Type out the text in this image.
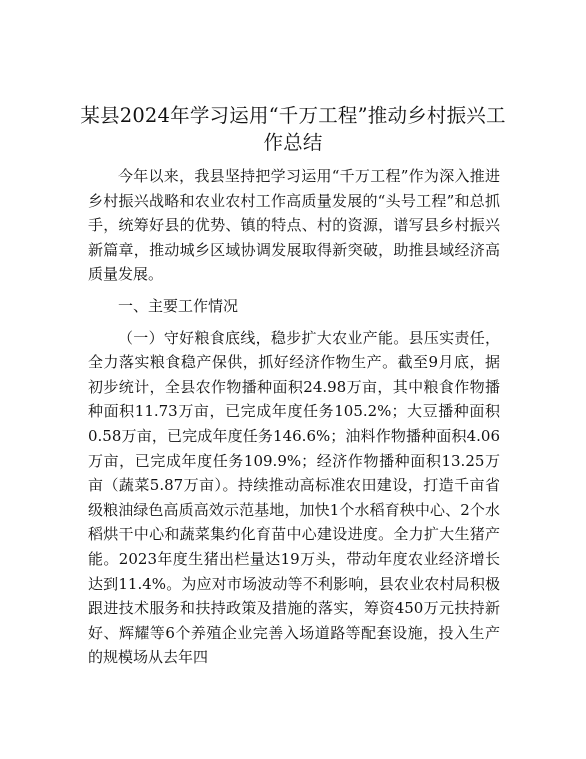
某县2024年学习运用“千万工程”推动乡村振兴工作总结

今年以来，我县坚持把学习运用“千万工程”作为深入推进乡村振兴战略和农业农村工作高质量发展的“头号工程”和总抓手，统筹好县的优势、镇的特点、村的资源，谱写县乡村振兴新篇章，推动城乡区域协调发展取得新突破，助推县域经济高质量发展。

一、主要工作情况

（一）守好粮食底线，稳步扩大农业产能。县压实责任，全力落实粮食稳产保供，抓好经济作物生产。截至9月底，据初步统计，全县农作物播种面积24.98万亩，其中粮食作物播种面积11.73万亩，已完成年度任务105.2%；大豆播种面积0.58万亩，已完成年度任务146.6%；油料作物播种面积4.06万亩，已完成年度任务109.9%；经济作物播种面积13.25万亩（蔬菜5.87万亩）。持续推动高标准农田建设，打造千亩省级粮油绿色高质高效示范基地，加快1个水稻育秧中心、2个水稻烘干中心和蔬菜集约化育苗中心建设进度。全力扩大生猪产能。2023年度生猪出栏量达19万头，带动年度农业经济增长达到11.4%。为应对市场波动等不利影响，县农业农村局积极跟进技术服务和扶持政策及措施的落实，筹资450万元扶持新好、辉耀等6个养殖企业完善入场道路等配套设施，投入生产的规模场从去年四
